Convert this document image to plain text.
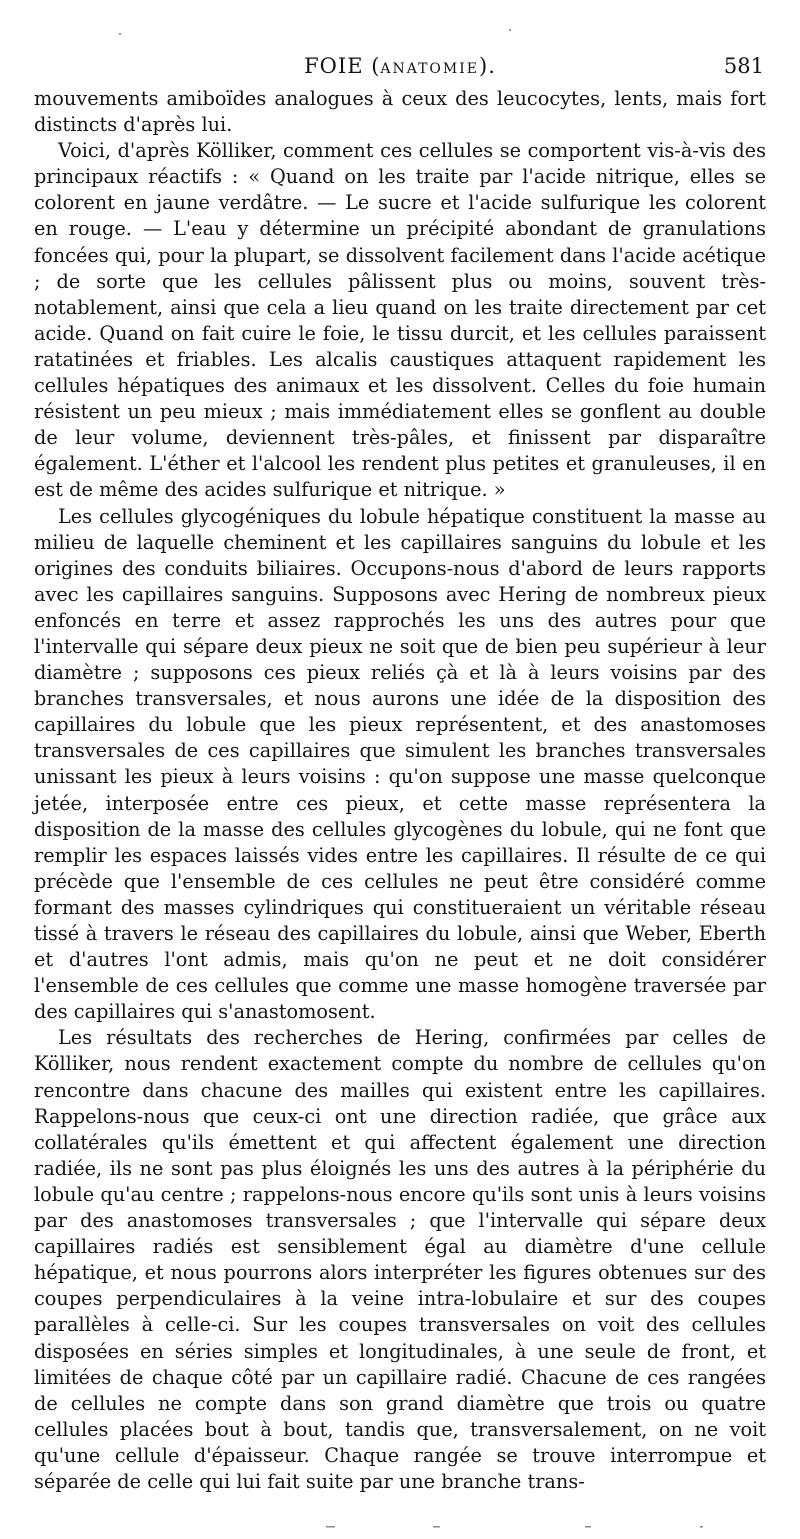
FOIE (ANATOMIE).	581

mouvements amiboïdes analogues à ceux des leucocytes, lents, mais fort distincts d'après lui.

Voici, d'après Kölliker, comment ces cellules se comportent vis-à-vis des principaux réactifs : « Quand on les traite par l'acide nitrique, elles se colorent en jaune verdâtre. — Le sucre et l'acide sulfurique les colorent en rouge. — L'eau y détermine un précipité abondant de granulations foncées qui, pour la plupart, se dissolvent facilement dans l'acide acétique ; de sorte que les cellules pâlissent plus ou moins, souvent très-notablement, ainsi que cela a lieu quand on les traite directement par cet acide. Quand on fait cuire le foie, le tissu durcit, et les cellules paraissent ratatinées et friables. Les alcalis caustiques attaquent rapidement les cellules hépatiques des animaux et les dissolvent. Celles du foie humain résistent un peu mieux ; mais immédiatement elles se gonflent au double de leur volume, deviennent très-pâles, et finissent par disparaître également. L'éther et l'alcool les rendent plus petites et granuleuses, il en est de même des acides sulfurique et nitrique. »

Les cellules glycogéniques du lobule hépatique constituent la masse au milieu de laquelle cheminent et les capillaires sanguins du lobule et les origines des conduits biliaires. Occupons-nous d'abord de leurs rapports avec les capillaires sanguins. Supposons avec Hering de nombreux pieux enfoncés en terre et assez rapprochés les uns des autres pour que l'intervalle qui sépare deux pieux ne soit que de bien peu supérieur à leur diamètre ; supposons ces pieux reliés çà et là à leurs voisins par des branches transversales, et nous aurons une idée de la disposition des capillaires du lobule que les pieux représentent, et des anastomoses transversales de ces capillaires que simulent les branches transversales unissant les pieux à leurs voisins : qu'on suppose une masse quelconque jetée, interposée entre ces pieux, et cette masse représentera la disposition de la masse des cellules glycogènes du lobule, qui ne font que remplir les espaces laissés vides entre les capillaires. Il résulte de ce qui précède que l'ensemble de ces cellules ne peut être considéré comme formant des masses cylindriques qui constitueraient un véritable réseau tissé à travers le réseau des capillaires du lobule, ainsi que Weber, Eberth et d'autres l'ont admis, mais qu'on ne peut et ne doit considérer l'ensemble de ces cellules que comme une masse homogène traversée par des capillaires qui s'anastomosent.

Les résultats des recherches de Hering, confirmées par celles de Kölliker, nous rendent exactement compte du nombre de cellules qu'on rencontre dans chacune des mailles qui existent entre les capillaires. Rappelons-nous que ceux-ci ont une direction radiée, que grâce aux collatérales qu'ils émettent et qui affectent également une direction radiée, ils ne sont pas plus éloignés les uns des autres à la périphérie du lobule qu'au centre ; rappelons-nous encore qu'ils sont unis à leurs voisins par des anastomoses transversales ; que l'intervalle qui sépare deux capillaires radiés est sensiblement égal au diamètre d'une cellule hépatique, et nous pourrons alors interpréter les figures obtenues sur des coupes perpendiculaires à la veine intra-lobulaire et sur des coupes parallèles à celle-ci. Sur les coupes transversales on voit des cellules disposées en séries simples et longitudinales, à une seule de front, et limitées de chaque côté par un capillaire radié. Chacune de ces rangées de cellules ne compte dans son grand diamètre que trois ou quatre cellules placées bout à bout, tandis que, transversalement, on ne voit qu'une cellule d'épaisseur. Chaque rangée se trouve interrompue et séparée de celle qui lui fait suite par une branche trans-
